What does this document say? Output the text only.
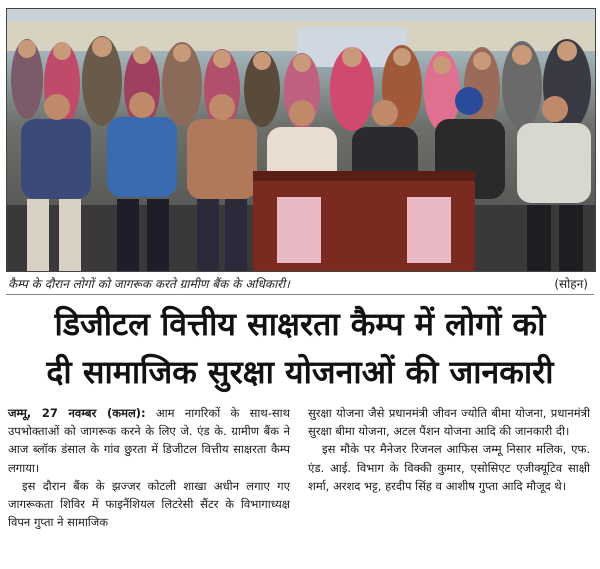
कैम्प के दौरान लोगों को जागरूक करते ग्रामीण बैंक के अधिकारी।	(सोहन)
डिजीटल वित्तीय साक्षरता कैम्प में लोगों को
दी सामाजिक सुरक्षा योजनाओं की जानकारी

जम्मू, 27 नवम्बर (कमल): आम नागरिकों के साथ-साथ उपभोक्ताओं को जागरूक करने के लिए जे. एंड के. ग्रामीण बैंक ने आज ब्लॉक डंसाल के गांव छुरता में डिजीटल वित्तीय साक्षरता कैम्प लगाया।

इस दौरान बैंक के झज्जर कोटली शाखा अधीन लगाए गए जागरूकता शिविर में फाइनैंशियल लिटरेसी सैंटर के विभागाध्यक्ष विपन गुप्ता ने सामाजिक

सुरक्षा योजना जैसे प्रधानमंत्री जीवन ज्योति बीमा योजना, प्रधानमंत्री सुरक्षा बीमा योजना, अटल पैंशन योजना आदि की जानकारी दी।

इस मौके पर मैनेजर रिजनल आफिस जम्मू निसार मलिक, एफ. एंड. आई. विभाग के विक्की कुमार, एसोसिएट एजीक्यूटिव साक्षी शर्मा, अरशद भट्ट, हरदीप सिंह व आशीष गुप्ता आदि मौजूद थे।
